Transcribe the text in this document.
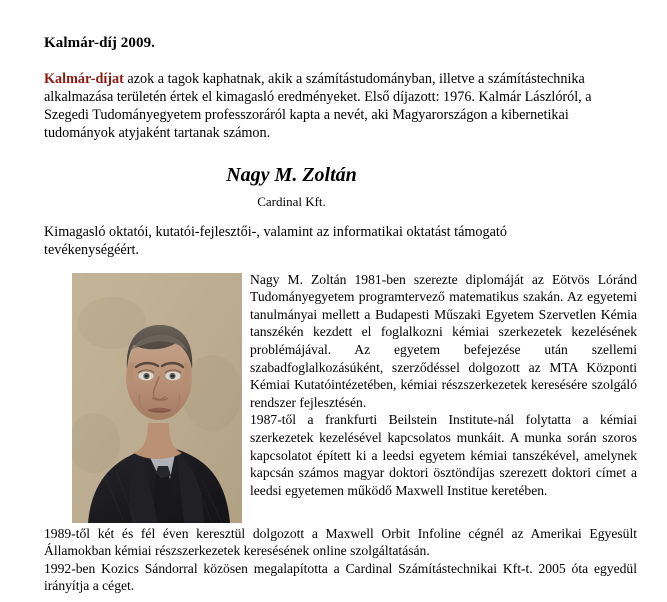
Kalmár-díj 2009.

Kalmár-díjat azok a tagok kaphatnak, akik a számítástudományban, illetve a számítástechnika alkalmazása területén értek el kimagasló eredményeket. Első díjazott: 1976. Kalmár Lászlóról, a Szegedi Tudományegyetem professzoráról kapta a nevét, aki Magyarországon a kibernetikai tudományok atyjaként tartanak számon.

Nagy M. Zoltán
Cardinal Kft.

Kimagasló oktatói, kutatói-fejlesztői-, valamint az informatikai oktatást támogató tevékenységéért.

Nagy M. Zoltán 1981-ben szerezte diplomáját az Eötvös Lóránd Tudományegyetem programtervező matematikus szakán. Az egyetemi tanulmányai mellett a Budapesti Műszaki Egyetem Szervetlen Kémia tanszékén kezdett el foglalkozni kémiai szerkezetek kezelésének problémájával. Az egyetem befejezése után szellemi szabadfoglalkozásúként, szerződéssel dolgozott az MTA Központi Kémiai Kutatóintézetében, kémiai részszerkezetek keresésére szolgáló rendszer fejlesztésén.

1987-től a frankfurti Beilstein Institute-nál folytatta a kémiai szerkezetek kezelésével kapcsolatos munkáit. A munka során szoros kapcsolatot épített ki a leedsi egyetem kémiai tanszékével, amelynek kapcsán számos magyar doktori ösztöndíjas szerezett doktori címet a leedsi egyetemen működő Maxwell Institue keretében.

1989-től két és fél éven keresztül dolgozott a Maxwell Orbit Infoline cégnél az Amerikai Egyesült Államokban kémiai részszerkezetek keresésének online szolgáltatásán.

1992-ben Kozics Sándorral közösen megalapította a Cardinal Számítástechnikai Kft-t. 2005 óta egyedül irányítja a céget.
